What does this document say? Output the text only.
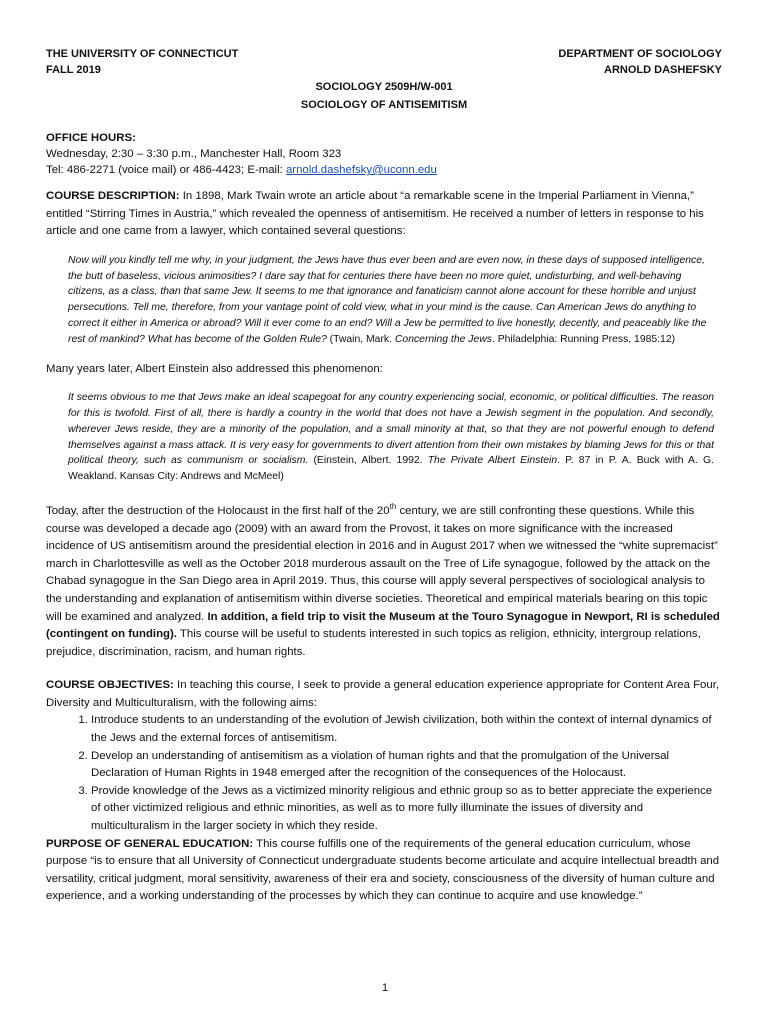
THE UNIVERSITY OF CONNECTICUT
FALL 2019
DEPARTMENT OF SOCIOLOGY
ARNOLD DASHEFSKY
SOCIOLOGY 2509H/W-001
SOCIOLOGY OF ANTISEMITISM
OFFICE HOURS:
Wednesday, 2:30 – 3:30 p.m., Manchester Hall, Room 323
Tel: 486-2271 (voice mail) or 486-4423; E-mail: arnold.dashefsky@uconn.edu

COURSE DESCRIPTION: In 1898, Mark Twain wrote an article about “a remarkable scene in the Imperial Parliament in Vienna,” entitled “Stirring Times in Austria,” which revealed the openness of antisemitism. He received a number of letters in response to his article and one came from a lawyer, which contained several questions:

Now will you kindly tell me why, in your judgment, the Jews have thus ever been and are even now, in these days of supposed intelligence, the butt of baseless, vicious animosities? I dare say that for centuries there have been no more quiet, undisturbing, and well-behaving citizens, as a class, than that same Jew. It seems to me that ignorance and fanaticism cannot alone account for these horrible and unjust persecutions. Tell me, therefore, from your vantage point of cold view, what in your mind is the cause. Can American Jews do anything to correct it either in America or abroad? Will it ever come to an end? Will a Jew be permitted to live honestly, decently, and peaceably like the rest of mankind? What has become of the Golden Rule? (Twain, Mark. Concerning the Jews. Philadelphia: Running Press, 1985:12)

Many years later, Albert Einstein also addressed this phenomenon:

It seems obvious to me that Jews make an ideal scapegoat for any country experiencing social, economic, or political difficulties. The reason for this is twofold. First of all, there is hardly a country in the world that does not have a Jewish segment in the population. And secondly, wherever Jews reside, they are a minority of the population, and a small minority at that, so that they are not powerful enough to defend themselves against a mass attack. It is very easy for governments to divert attention from their own mistakes by blaming Jews for this or that political theory, such as communism or socialism. (Einstein, Albert. 1992. The Private Albert Einstein. P. 87 in P. A. Buck with A. G. Weakland. Kansas City: Andrews and McMeel)

Today, after the destruction of the Holocaust in the first half of the 20th century, we are still confronting these questions. While this course was developed a decade ago (2009) with an award from the Provost, it takes on more significance with the increased incidence of US antisemitism around the presidential election in 2016 and in August 2017 when we witnessed the “white supremacist” march in Charlottesville as well as the October 2018 murderous assault on the Tree of Life synagogue, followed by the attack on the Chabad synagogue in the San Diego area in April 2019. Thus, this course will apply several perspectives of sociological analysis to the understanding and explanation of antisemitism within diverse societies. Theoretical and empirical materials bearing on this topic will be examined and analyzed. In addition, a field trip to visit the Museum at the Touro Synagogue in Newport, RI is scheduled (contingent on funding). This course will be useful to students interested in such topics as religion, ethnicity, intergroup relations, prejudice, discrimination, racism, and human rights.

COURSE OBJECTIVES: In teaching this course, I seek to provide a general education experience appropriate for Content Area Four, Diversity and Multiculturalism, with the following aims:

1. Introduce students to an understanding of the evolution of Jewish civilization, both within the context of internal dynamics of the Jews and the external forces of antisemitism.
2. Develop an understanding of antisemitism as a violation of human rights and that the promulgation of the Universal Declaration of Human Rights in 1948 emerged after the recognition of the consequences of the Holocaust.
3. Provide knowledge of the Jews as a victimized minority religious and ethnic group so as to better appreciate the experience of other victimized religious and ethnic minorities, as well as to more fully illuminate the issues of diversity and multiculturalism in the larger society in which they reside.

PURPOSE OF GENERAL EDUCATION: This course fulfills one of the requirements of the general education curriculum, whose purpose “is to ensure that all University of Connecticut undergraduate students become articulate and acquire intellectual breadth and versatility, critical judgment, moral sensitivity, awareness of their era and society, consciousness of the diversity of human culture and experience, and a working understanding of the processes by which they can continue to acquire and use knowledge.”

1
